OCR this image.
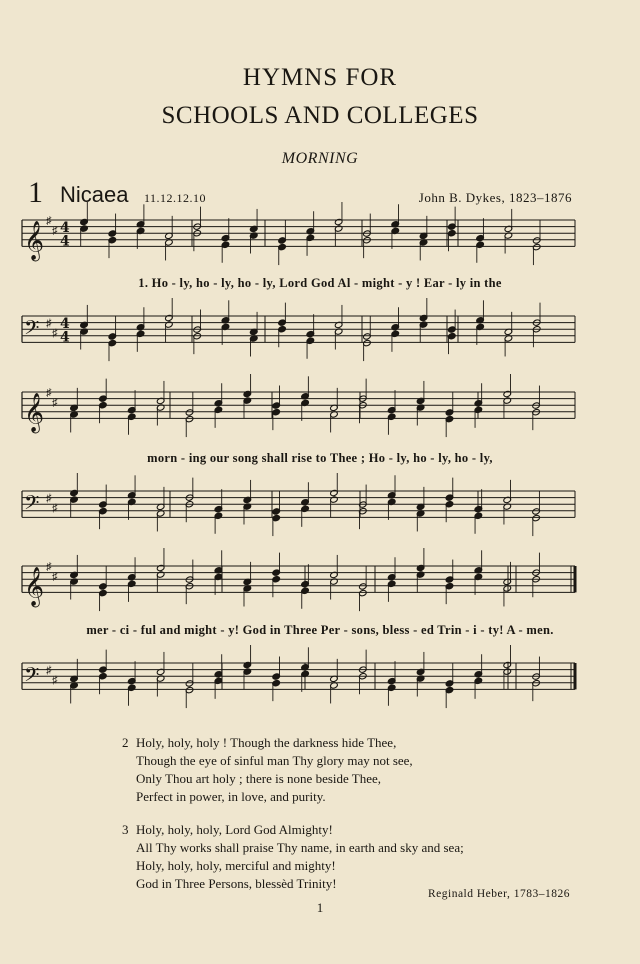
HYMNS FOR
SCHOOLS AND COLLEGES
MORNING
1 Nicaea 11.12.12.10	John B. Dykes, 1823–1876
𝄞 ♯
♯ 4
4
𝄢 ♯
♯
4
4
𝄞 ♯
♯
𝄢 ♯
♯
𝄞 ♯
♯
𝄢 ♯
♯
1. Ho - ly, ho - ly, ho - ly, Lord God Al - might - y ! Ear - ly in the
morn - ing our song shall rise to Thee ; Ho - ly, ho - ly, ho - ly,
mer - ci - ful and might - y! God in Three Per - sons, bless - ed Trin - i - ty! A - men.
2 Holy, holy, holy ! Though the darkness hide Thee,
Though the eye of sinful man Thy glory may not see,
Only Thou art holy ; there is none beside Thee,
Perfect in power, in love, and purity.
3 Holy, holy, holy, Lord God Almighty!
All Thy works shall praise Thy name, in earth and sky and sea;
Holy, holy, holy, merciful and mighty!
God in Three Persons, blessèd Trinity!
Reginald Heber, 1783–1826
1
